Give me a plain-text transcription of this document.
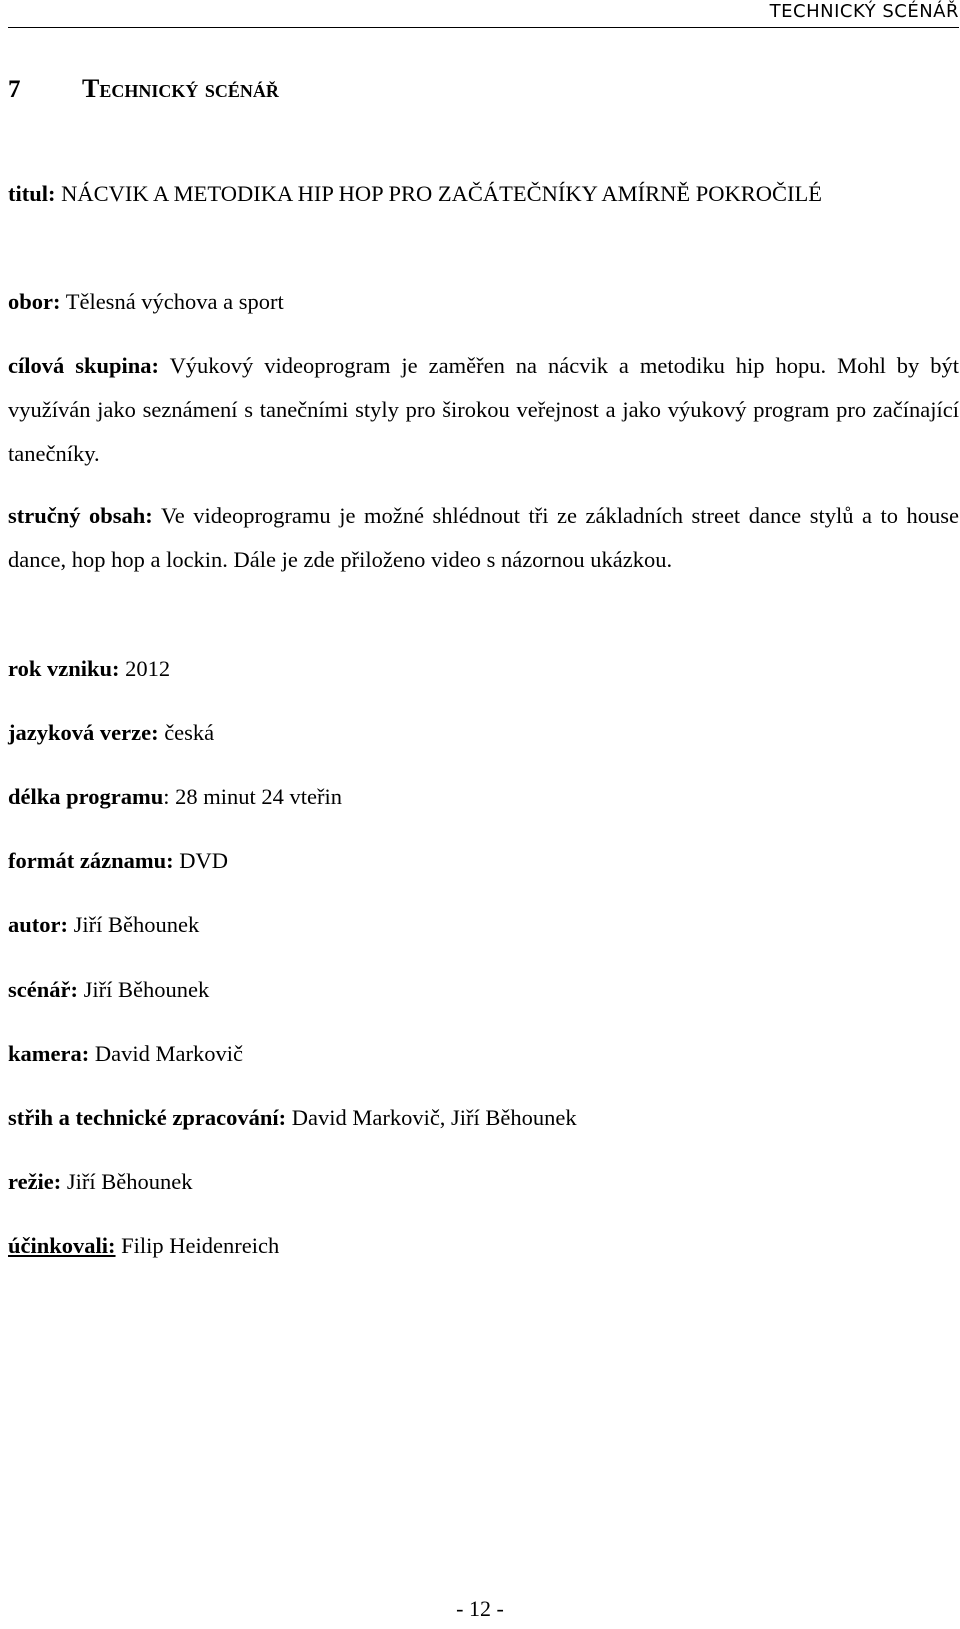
TECHNICKÝ SCÉNÁŘ
7 Technický scénář
titul: NÁCVIK A METODIKA HIP HOP PRO ZAČÁTEČNÍKY AMÍRNĚ POKROČILÉ
obor: Tělesná výchova a sport
cílová skupina: Výukový videoprogram je zaměřen na nácvik a metodiku hip hopu. Mohl by být využíván jako seznámení s tanečními styly pro širokou veřejnost a jako výukový program pro začínající tanečníky.
stručný obsah: Ve videoprogramu je možné shlédnout tři ze základních street dance stylů a to house dance, hop hop a lockin. Dále je zde přiloženo video s názornou ukázkou.
rok vzniku: 2012
jazyková verze: česká
délka programu: 28 minut 24 vteřin
formát záznamu: DVD
autor: Jiří Běhounek
scénář: Jiří Běhounek
kamera: David Markovič
střih a technické zpracování: David Markovič, Jiří Běhounek
režie: Jiří Běhounek
účinkovali: Filip Heidenreich
- 12 -
